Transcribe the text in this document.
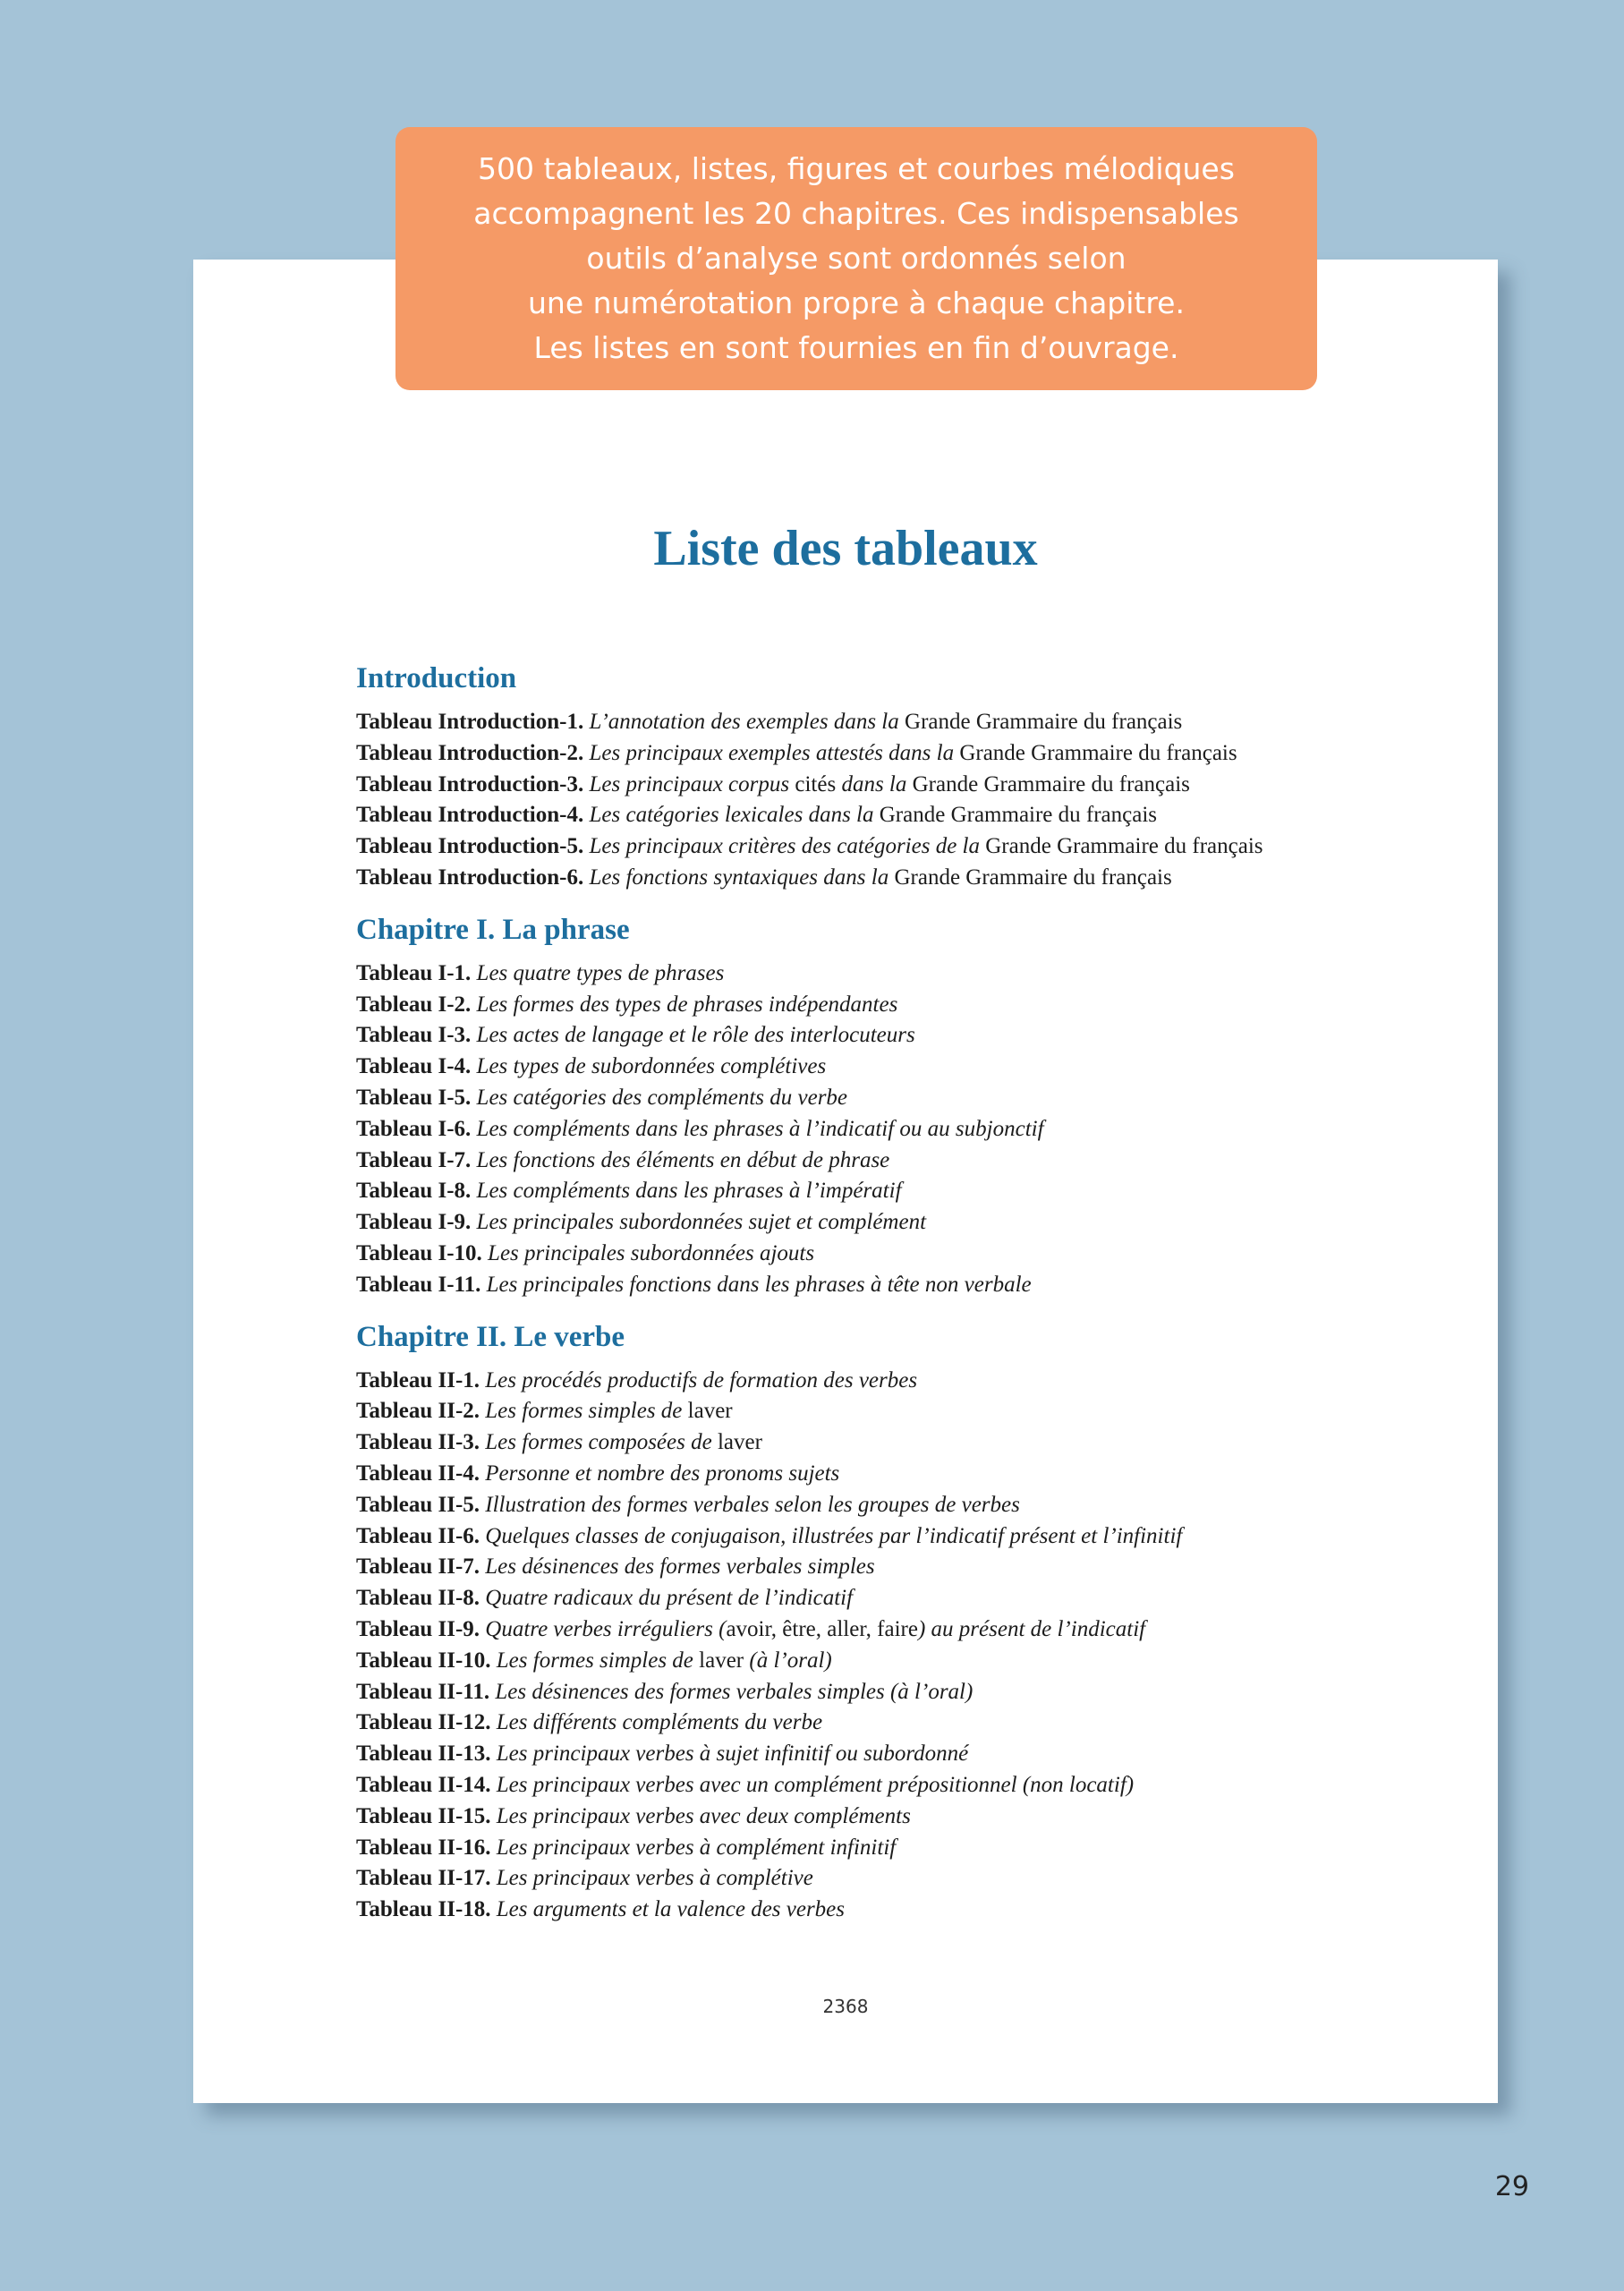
500 tableaux, listes, figures et courbes mélodiques
accompagnent les 20 chapitres. Ces indispensables
outils d’analyse sont ordonnés selon
une numérotation propre à chaque chapitre.
Les listes en sont fournies en fin d’ouvrage.
Liste des tableaux
Introduction
Tableau Introduction-1. L’annotation des exemples dans la Grande Grammaire du français
Tableau Introduction-2. Les principaux exemples attestés dans la Grande Grammaire du français
Tableau Introduction-3. Les principaux corpus cités dans la Grande Grammaire du français
Tableau Introduction-4. Les catégories lexicales dans la Grande Grammaire du français
Tableau Introduction-5. Les principaux critères des catégories de la Grande Grammaire du français
Tableau Introduction-6. Les fonctions syntaxiques dans la Grande Grammaire du français
Chapitre I. La phrase
Tableau I-1. Les quatre types de phrases
Tableau I-2. Les formes des types de phrases indépendantes
Tableau I-3. Les actes de langage et le rôle des interlocuteurs
Tableau I-4. Les types de subordonnées complétives
Tableau I-5. Les catégories des compléments du verbe
Tableau I-6. Les compléments dans les phrases à l’indicatif ou au subjonctif
Tableau I-7. Les fonctions des éléments en début de phrase
Tableau I-8. Les compléments dans les phrases à l’impératif
Tableau I-9. Les principales subordonnées sujet et complément
Tableau I-10. Les principales subordonnées ajouts
Tableau I-11. Les principales fonctions dans les phrases à tête non verbale
Chapitre II. Le verbe
Tableau II-1. Les procédés productifs de formation des verbes
Tableau II-2. Les formes simples de laver
Tableau II-3. Les formes composées de laver
Tableau II-4. Personne et nombre des pronoms sujets
Tableau II-5. Illustration des formes verbales selon les groupes de verbes
Tableau II-6. Quelques classes de conjugaison, illustrées par l’indicatif présent et l’infinitif
Tableau II-7. Les désinences des formes verbales simples
Tableau II-8. Quatre radicaux du présent de l’indicatif
Tableau II-9. Quatre verbes irréguliers (avoir, être, aller, faire) au présent de l’indicatif
Tableau II-10. Les formes simples de laver (à l’oral)
Tableau II-11. Les désinences des formes verbales simples (à l’oral)
Tableau II-12. Les différents compléments du verbe
Tableau II-13. Les principaux verbes à sujet infinitif ou subordonné
Tableau II-14. Les principaux verbes avec un complément prépositionnel (non locatif)
Tableau II-15. Les principaux verbes avec deux compléments
Tableau II-16. Les principaux verbes à complément infinitif
Tableau II-17. Les principaux verbes à complétive
Tableau II-18. Les arguments et la valence des verbes
2368
29
